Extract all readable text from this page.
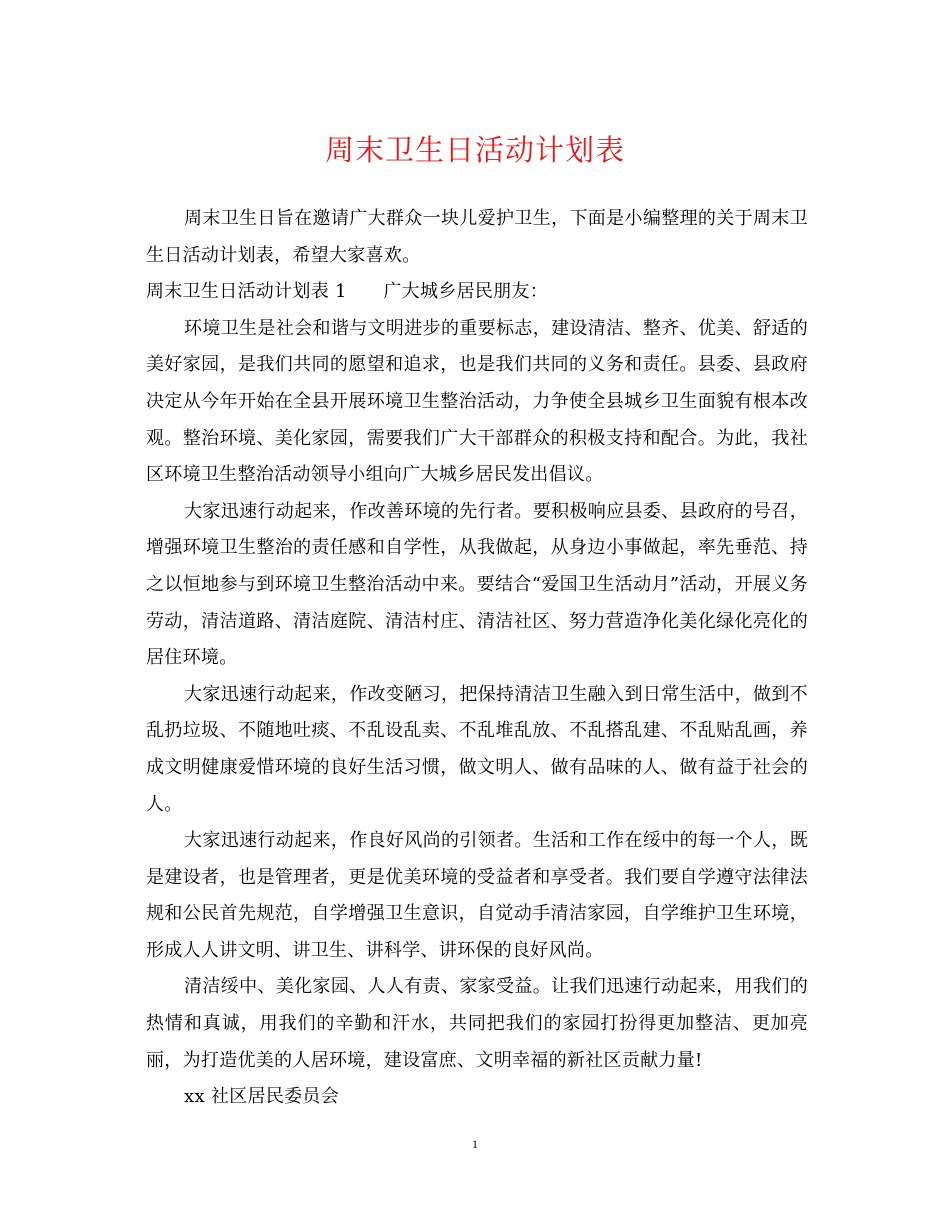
周末卫生日活动计划表

周末卫生日旨在邀请广大群众一块儿爱护卫生，下面是小编整理的关于周末卫生日活动计划表，希望大家喜欢。

周末卫生日活动计划表 1　　广大城乡居民朋友：

环境卫生是社会和谐与文明进步的重要标志，建设清洁、整齐、优美、舒适的美好家园，是我们共同的愿望和追求，也是我们共同的义务和责任。县委、县政府决定从今年开始在全县开展环境卫生整治活动，力争使全县城乡卫生面貌有根本改观。整治环境、美化家园，需要我们广大干部群众的积极支持和配合。为此，我社区环境卫生整治活动领导小组向广大城乡居民发出倡议。

大家迅速行动起来，作改善环境的先行者。要积极响应县委、县政府的号召，增强环境卫生整治的责任感和自学性，从我做起，从身边小事做起，率先垂范、持之以恒地参与到环境卫生整治活动中来。要结合“爱国卫生活动月”活动，开展义务劳动，清洁道路、清洁庭院、清洁村庄、清洁社区、努力营造净化美化绿化亮化的居住环境。

大家迅速行动起来，作改变陋习，把保持清洁卫生融入到日常生活中，做到不乱扔垃圾、不随地吐痰、不乱设乱卖、不乱堆乱放、不乱搭乱建、不乱贴乱画，养成文明健康爱惜环境的良好生活习惯，做文明人、做有品味的人、做有益于社会的人。

大家迅速行动起来，作良好风尚的引领者。生活和工作在绥中的每一个人，既是建设者，也是管理者，更是优美环境的受益者和享受者。我们要自学遵守法律法规和公民首先规范，自学增强卫生意识，自觉动手清洁家园，自学维护卫生环境，形成人人讲文明、讲卫生、讲科学、讲环保的良好风尚。

清洁绥中、美化家园、人人有责、家家受益。让我们迅速行动起来，用我们的热情和真诚，用我们的辛勤和汗水，共同把我们的家园打扮得更加整洁、更加亮丽，为打造优美的人居环境，建设富庶、文明幸福的新社区贡献力量!

xx 社区居民委员会

1
